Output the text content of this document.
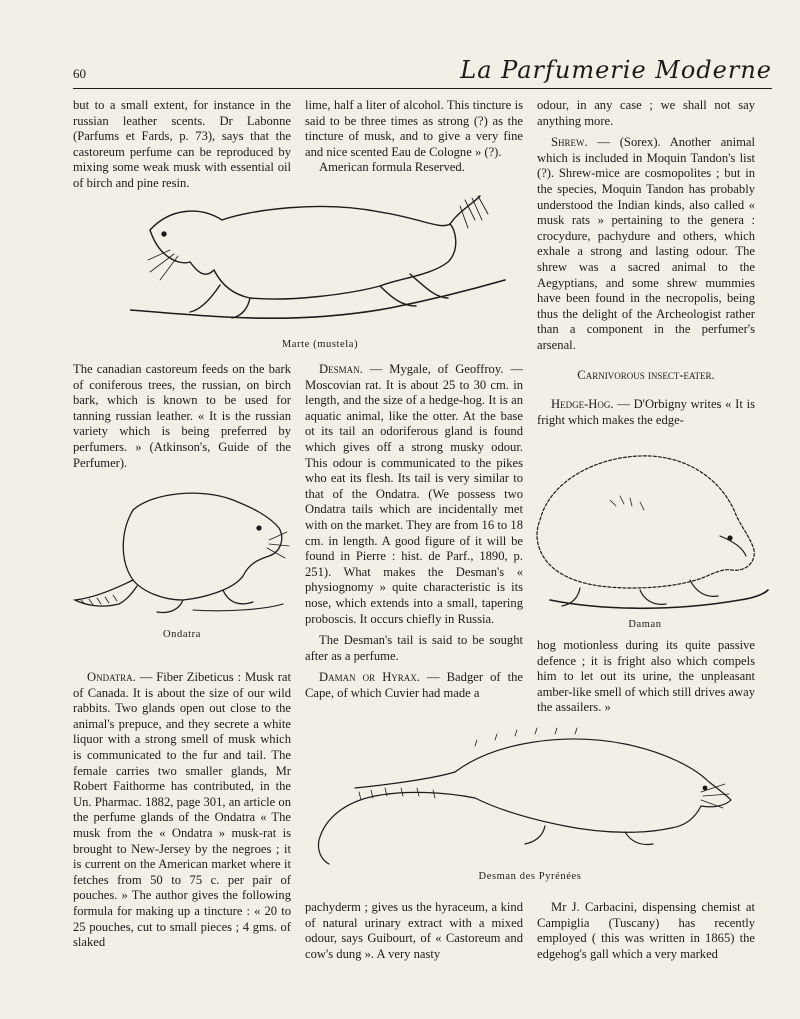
60	La Parfumerie Moderne

but to a small extent, for instance in the russian leather scents. Dr Labonne (Parfums et Fards, p. 73), says that the castoreum perfume can be reproduced by mixing some weak musk with essential oil of birch and pine resin.

lime, half a liter of alcohol. This tincture is said to be three times as strong (?) as the tincture of musk, and to give a very fine and nice scented Eau de Cologne » (?).

American formula Reserved.

Marte (mustela)

The canadian castoreum feeds on the bark of coniferous trees, the russian, on birch bark, which is known to be used for tanning russian leather. « It is the russian variety which is being preferred by perfumers. » (Atkinson's, Guide of the Perfumer).

Ondatra

Ondatra. — Fiber Zibeticus : Musk rat of Canada. It is about the size of our wild rabbits. Two glands open out close to the animal's prepuce, and they secrete a white liquor with a strong smell of musk which is communicated to the fur and tail. The female carries two smaller glands, Mr Robert Faithorme has contributed, in the Un. Pharmac. 1882, page 301, an article on the perfume glands of the Ondatra « The musk from the « Ondatra » musk-rat is brought to New-Jersey by the negroes ; it is current on the American market where it fetches from 50 to 75 c. per pair of pouches. » The author gives the following formula for making up a tincture : « 20 to 25 pouches, cut to small pieces ; 4 gms. of slaked

Desman. — Mygale, of Geoffroy. — Moscovian rat. It is about 25 to 30 cm. in length, and the size of a hedge-hog. It is an aquatic animal, like the otter. At the base ot its tail an odoriferous gland is found which gives off a strong musky odour. This odour is communicated to the pikes who eat its flesh. Its tail is very similar to that of the Ondatra. (We possess two Ondatra tails which are incidentally met with on the market. They are from 16 to 18 cm. in length. A good figure of it will be found in Pierre : hist. de Parf., 1890, p. 251). What makes the Desman's « physiognomy » quite characteristic is its nose, which extends into a small, tapering proboscis. It occurs chiefly in Russia.

The Desman's tail is said to be sought after as a perfume.

Daman or Hyrax. — Badger of the Cape, of which Cuvier had made a

odour, in any case ; we shall not say anything more.

Shrew. — (Sorex). Another animal which is included in Moquin Tandon's list (?). Shrew-mice are cosmopolites ; but in the species, Moquin Tandon has probably understood the Indian kinds, also called « musk rats » pertaining to the genera : crocydure, pachydure and others, which exhale a strong and lasting odour. The shrew was a sacred animal to the Aegyptians, and some shrew mummies have been found in the necropolis, being thus the delight of the Archeologist rather than a component in the perfumer's arsenal.

Carnivorous insect-eater.

Hedge-Hog. — D'Orbigny writes « It is fright which makes the edge-

Daman

hog motionless during its quite passive defence ; it is fright also which compels him to let out its urine, the unpleasant amber-like smell of which still drives away the assailers. »

Desman des Pyrénées

pachyderm ; gives us the hyraceum, a kind of natural urinary extract with a mixed odour, says Guibourt, of « Castoreum and cow's dung ». A very nasty

Mr J. Carbacini, dispensing chemist at Campiglia (Tuscany) has recently employed ( this was written in 1865) the edgehog's gall which a very marked
